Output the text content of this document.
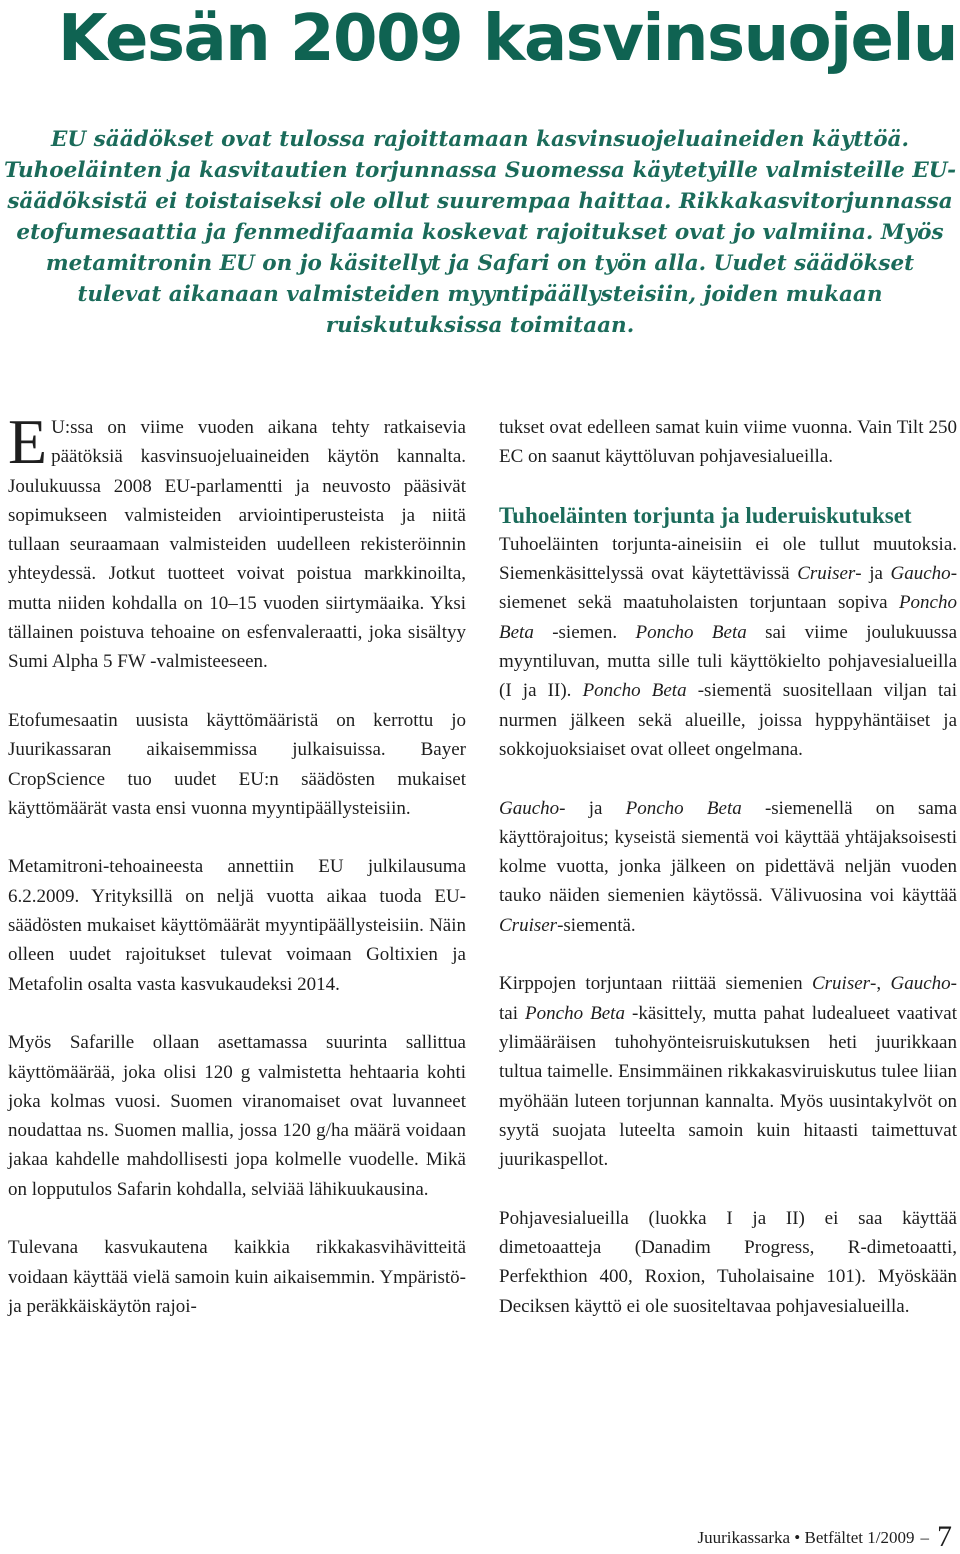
Kesän 2009 kasvinsuojelu
EU säädökset ovat tulossa rajoittamaan kasvinsuojeluaineiden käyttöä.
Tuhoeläinten ja kasvitautien torjunnassa Suomessa käytetyille valmisteille EU-
säädöksistä ei toistaiseksi ole ollut suurempaa haittaa. Rikkakasvitorjunnassa
etofumesaattia ja fenmedifaamia koskevat rajoitukset ovat jo valmiina. Myös
metamitronin EU on jo käsitellyt ja Safari on työn alla. Uudet säädökset
tulevat aikanaan valmisteiden myyntipäällysteisiin, joiden mukaan
ruiskutuksissa toimitaan.

E U:ssa on viime vuoden aikana tehty ratkaisevia päätöksiä kasvinsuojeluaineiden käytön kannalta. Joulukuussa 2008 EU-parlamentti ja neuvosto pääsivät sopimukseen valmisteiden arviointiperusteista ja niitä tullaan seuraamaan valmisteiden uudelleen rekisteröinnin yhteydessä. Jotkut tuotteet voivat poistua markkinoilta, mutta niiden kohdalla on 10–15 vuoden siirtymäaika. Yksi tällainen poistuva tehoaine on esfenvaleraatti, joka sisältyy Sumi Alpha 5 FW -valmisteeseen.

Etofumesaatin uusista käyttömääristä on kerrottu jo Juurikassaran aikaisemmissa julkaisuissa. Bayer CropScience tuo uudet EU:n säädösten mukaiset käyttömäärät vasta ensi vuonna myyntipäällysteisiin.

Metamitroni-tehoaineesta annettiin EU julkilausuma 6.2.2009. Yrityksillä on neljä vuotta aikaa tuoda EU-säädösten mukaiset käyttömäärät myyntipäällysteisiin. Näin olleen uudet rajoitukset tulevat voimaan Goltixien ja Metafolin osalta vasta kasvukaudeksi 2014.

Myös Safarille ollaan asettamassa suurinta sallittua käyttömäärää, joka olisi 120 g valmistetta hehtaaria kohti joka kolmas vuosi. Suomen viranomaiset ovat luvanneet noudattaa ns. Suomen mallia, jossa 120 g/ha määrä voidaan jakaa kahdelle mahdollisesti jopa kolmelle vuodelle. Mikä on lopputulos Safarin kohdalla, selviää lähikuukausina.

Tulevana kasvukautena kaikkia rikkakasvihävitteitä voidaan käyttää vielä samoin kuin aikaisemmin. Ympäristö- ja peräkkäiskäytön rajoi-

tukset ovat edelleen samat kuin viime vuonna. Vain Tilt 250 EC on saanut käyttöluvan pohjavesialueilla.

Tuhoeläinten torjunta ja luderuiskutukset

Tuhoeläinten torjunta-aineisiin ei ole tullut muutoksia. Siemenkäsittelyssä ovat käytettävissä Cruiser- ja Gaucho-siemenet sekä maatuholaisten torjuntaan sopiva Poncho Beta -siemen. Poncho Beta sai viime joulukuussa myyntiluvan, mutta sille tuli käyttökielto pohjavesialueilla (I ja II). Poncho Beta -siementä suositellaan viljan tai nurmen jälkeen sekä alueille, joissa hyppyhäntäiset ja sokkojuoksiaiset ovat olleet ongelmana.

Gaucho- ja Poncho Beta -siemenellä on sama käyttörajoitus; kyseistä siementä voi käyttää yhtäjaksoisesti kolme vuotta, jonka jälkeen on pidettävä neljän vuoden tauko näiden siemenien käytössä. Välivuosina voi käyttää Cruiser-siementä.

Kirppojen torjuntaan riittää siemenien Cruiser-, Gaucho- tai Poncho Beta -käsittely, mutta pahat ludealueet vaativat ylimääräisen tuhohyönteisruiskutuksen heti juurikkaan tultua taimelle. Ensimmäinen rikkakasviruiskutus tulee liian myöhään luteen torjunnan kannalta. Myös uusintakylvöt on syytä suojata luteelta samoin kuin hitaasti taimettuvat juurikaspellot.

Pohjavesialueilla (luokka I ja II) ei saa käyttää dimetoaatteja (Danadim Progress, R-dimetoaatti, Perfekthion 400, Roxion, Tuholaisaine 101). Myöskään Deciksen käyttö ei ole suositeltavaa pohjavesialueilla.

Juurikassarka • Betfältet 1/2009 – 7
